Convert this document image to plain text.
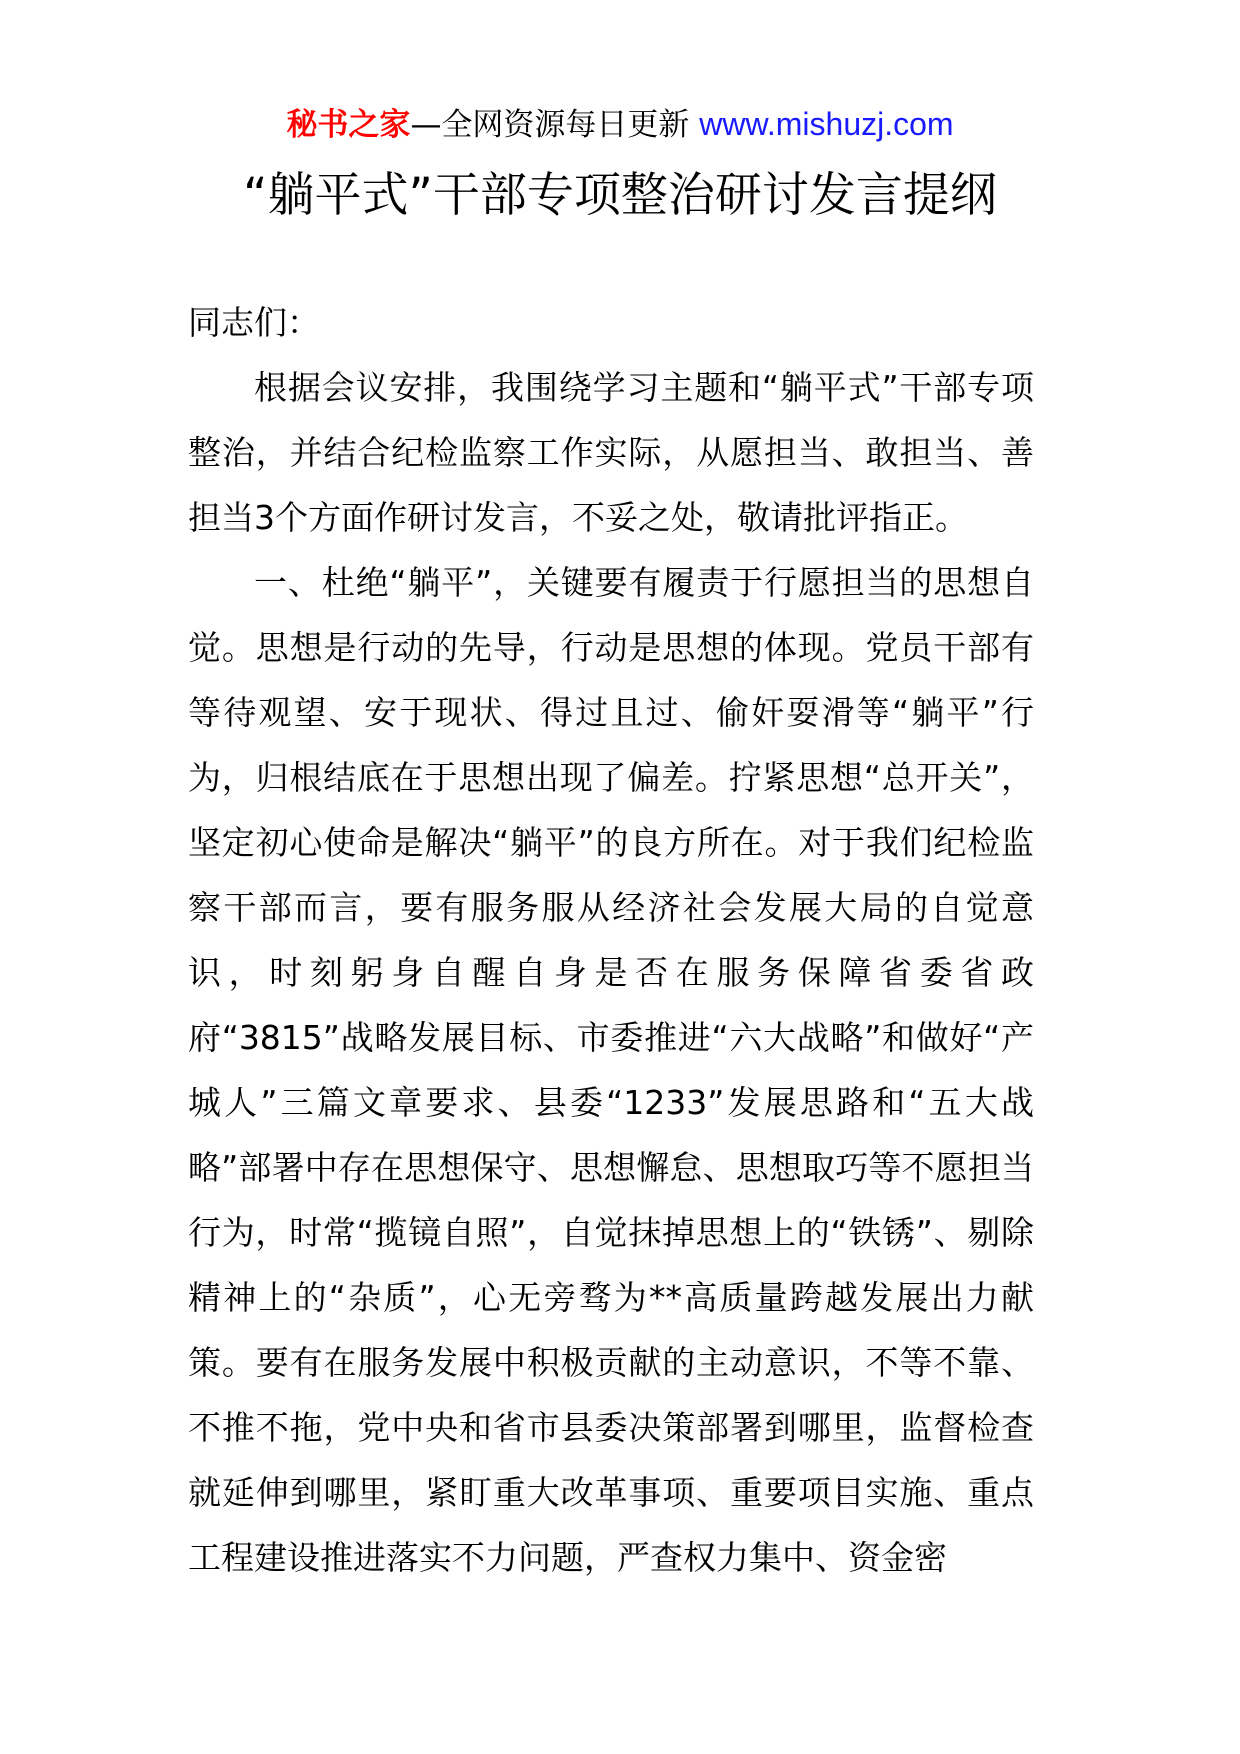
秘书之家—全网资源每日更新 www.mishuzj.com
“躺平式”干部专项整治研讨发言提纲

同志们：

根据会议安排，我围绕学习主题和“躺平式”干部专项整治，并结合纪检监察工作实际，从愿担当、敢担当、善担当3个方面作研讨发言，不妥之处，敬请批评指正。

一、杜绝“躺平”，关键要有履责于行愿担当的思想自觉。思想是行动的先导，行动是思想的体现。党员干部有等待观望、安于现状、得过且过、偷奸耍滑等“躺平”行为，归根结底在于思想出现了偏差。拧紧思想“总开关”，坚定初心使命是解决“躺平”的良方所在。对于我们纪检监察干部而言，要有服务服从经济社会发展大局的自觉意识，时刻躬身自醒自身是否在服务保障省委省政府“3815”战略发展目标、市委推进“六大战略”和做好“产城人”三篇文章要求、县委“1233”发展思路和“五大战略”部署中存在思想保守、思想懈怠、思想取巧等不愿担当行为，时常“揽镜自照”，自觉抹掉思想上的“铁锈”、剔除精神上的“杂质”，心无旁骛为**高质量跨越发展出力献策。要有在服务发展中积极贡献的主动意识，不等不靠、不推不拖，党中央和省市县委决策部署到哪里，监督检查就延伸到哪里，紧盯重大改革事项、重要项目实施、重点工程建设推进落实不力问题，严查权力集中、资金密
